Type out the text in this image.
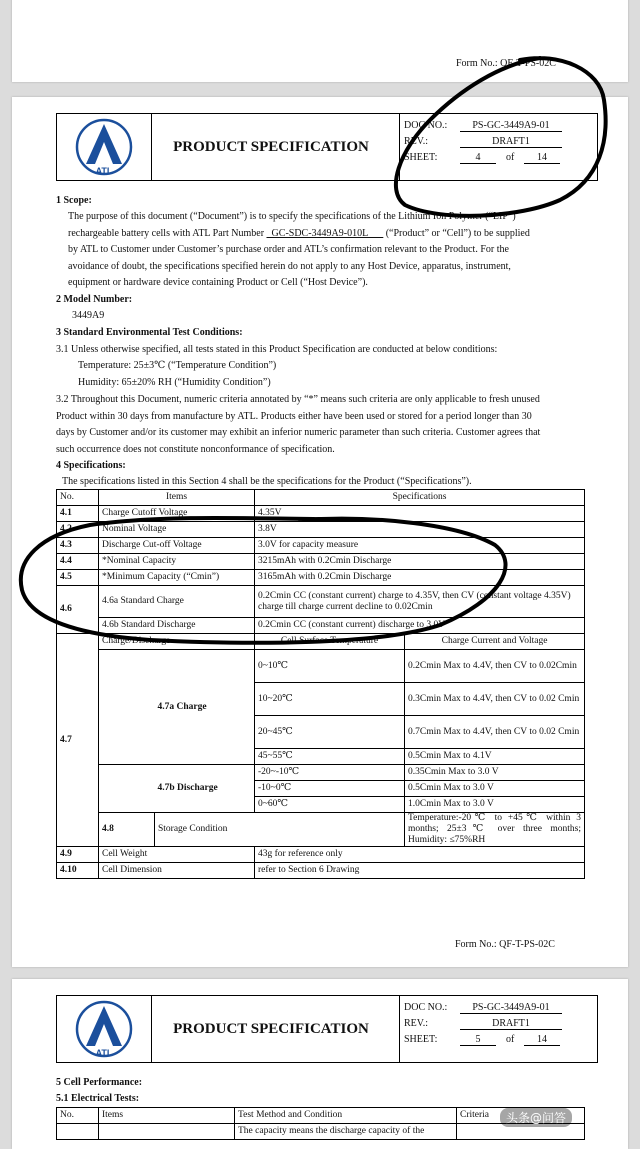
Form No.: QF-T-PS-02C
ATL
PRODUCT SPECIFICATION
DOC NO.:	PS-GC-3449A9-01
REV.:	DRAFT1
SHEET:	4	of	14
1 Scope:
The purpose of this document (“Document”) is to specify the specifications of the Lithium Ion Polymer (“LIP”)
rechargeable battery cells with ATL Part Number _GC-SDC-3449A9-010L___ (“Product” or “Cell”) to be supplied
by ATL to Customer under Customer’s purchase order and ATL’s confirmation relevant to the Product. For the
avoidance of doubt, the specifications specified herein do not apply to any Host Device, apparatus, instrument,
equipment or hardware device containing Product or Cell (“Host Device”).
2 Model Number:
3449A9
3 Standard Environmental Test Conditions:
3.1 Unless otherwise specified, all tests stated in this Product Specification are conducted at below conditions:
Temperature: 25±3℃ (“Temperature Condition”)
Humidity: 65±20% RH (“Humidity Condition”)
3.2 Throughout this Document, numeric criteria annotated by “*” means such criteria are only applicable to fresh unused
Product within 30 days from manufacture by ATL. Products either have been used or stored for a period longer than 30
days by Customer and/or its customer may exhibit an inferior numeric parameter than such criteria. Customer agrees that
such occurrence does not constitute nonconformance of specification.
4 Specifications:
The specifications listed in this Section 4 shall be the specifications for the Product (“Specifications”).
No.	Items		Specifications	
4.1	Charge Cutoff Voltage		4.35V	
4.2	Nominal Voltage		3.8V	
4.3	Discharge Cut-off Voltage		3.0V for capacity measure	
4.4	*Nominal Capacity		3215mAh with 0.2Cmin Discharge	
4.5	*Minimum Capacity (“Cmin”)		3165mAh with 0.2Cmin Discharge	
4.6	4.6a Standard Charge		0.2Cmin CC (constant current) charge to 4.35V, then CV (constant voltage 4.35V) charge till charge current decline to 0.02Cmin	
	4.6b Standard Discharge		0.2Cmin CC (constant current) discharge to 3.0V	
4.7	Charge/Discharge		Cell Surface Temperature	Charge Current and Voltage
		4.7a Charge	0~10℃	0.2Cmin Max to 4.4V, then CV to 0.02Cmin
			10~20℃	0.3Cmin Max to 4.4V, then CV to 0.02 Cmin
			20~45℃	0.7Cmin Max to 4.4V, then CV to 0.02 Cmin
			45~55℃	0.5Cmin Max to 4.1V
		4.7b Discharge	-20~-10℃	0.35Cmin Max to 3.0 V
			-10~0℃	0.5Cmin Max to 3.0 V
			0~60℃	1.0Cmin Max to 3.0 V
	4.8	Storage Condition		Temperature:-20℃ to +45℃ within 3 months; 25±3℃ over three months; Humidity: ≤75%RH
4.9	Cell Weight		43g for reference only	
4.10	Cell Dimension		refer to Section 6 Drawing	
Form No.: QF-T-PS-02C
ATL
PRODUCT SPECIFICATION
DOC NO.:	PS-GC-3449A9-01
REV.:	DRAFT1
SHEET:	5	of	14
5 Cell Performance:
5.1 Electrical Tests:
No.	Items	Test Method and Condition	Criteria
		The capacity means the discharge capacity of the	
头条@问答
